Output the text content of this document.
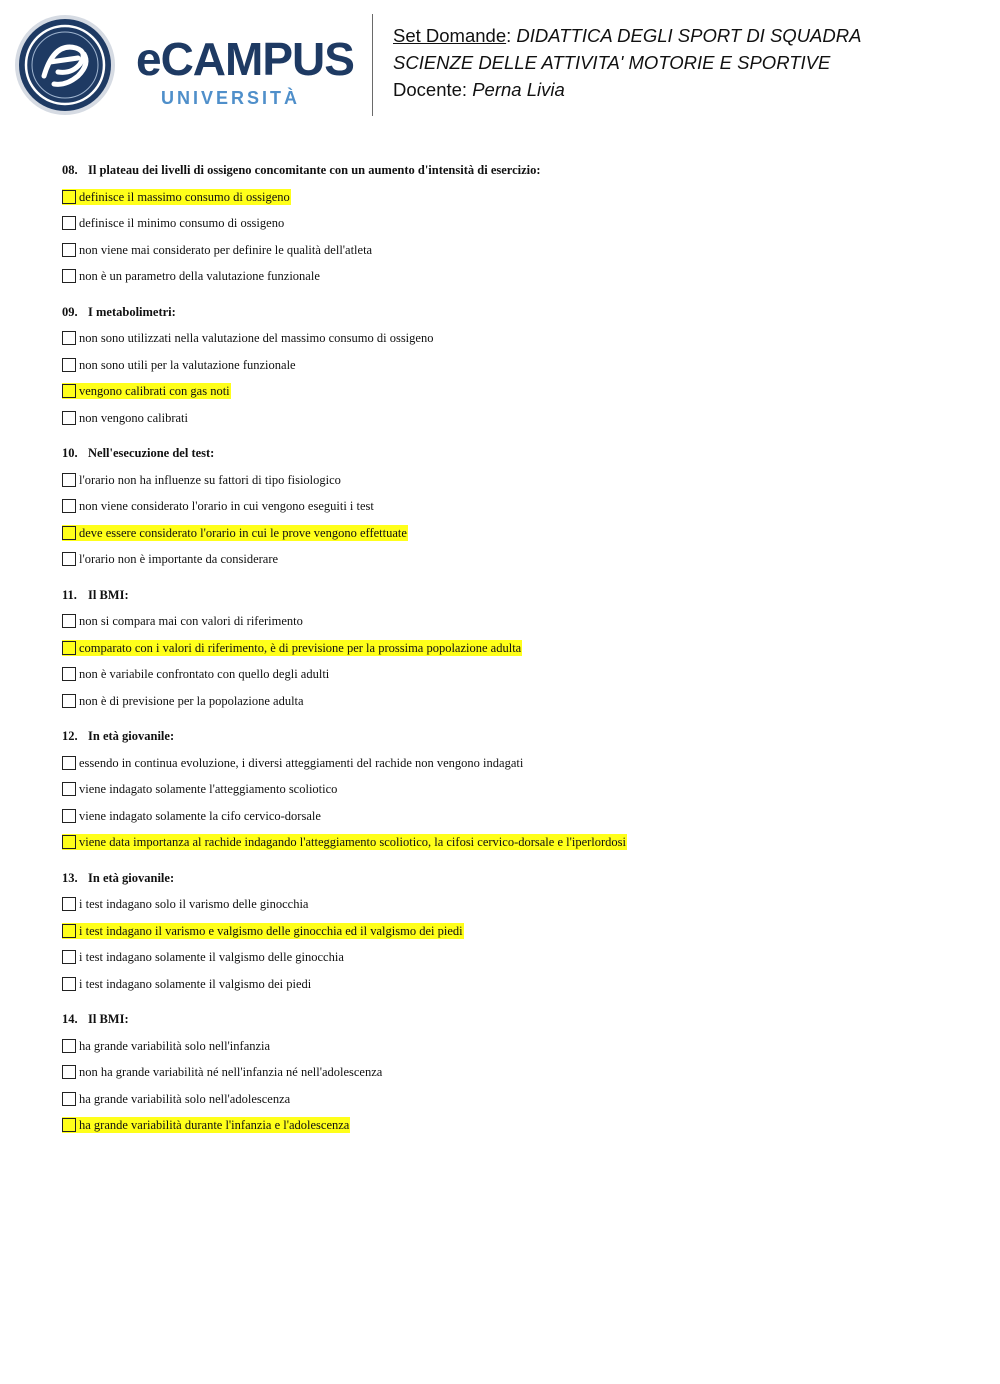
eCAMPUS
UNIVERSITÀ
Set Domande: DIDATTICA DEGLI SPORT DI SQUADRA
SCIENZE DELLE ATTIVITA' MOTORIE E SPORTIVE
Docente: Perna Livia
08. Il plateau dei livelli di ossigeno concomitante con un aumento d'intensità di esercizio:
definisce il massimo consumo di ossigeno
definisce il minimo consumo di ossigeno
non viene mai considerato per definire le qualità dell'atleta
non è un parametro della valutazione funzionale
09. I metabolimetri:
non sono utilizzati nella valutazione del massimo consumo di ossigeno
non sono utili per la valutazione funzionale
vengono calibrati con gas noti
non vengono calibrati
10. Nell'esecuzione del test:
l'orario non ha influenze su fattori di tipo fisiologico
non viene considerato l'orario in cui vengono eseguiti i test
deve essere considerato l'orario in cui le prove vengono effettuate
l'orario non è importante da considerare
11. Il BMI:
non si compara mai con valori di riferimento
comparato con i valori di riferimento, è di previsione per la prossima popolazione adulta
non è variabile confrontato con quello degli adulti
non è di previsione per la popolazione adulta
12. In età giovanile:
essendo in continua evoluzione, i diversi atteggiamenti del rachide non vengono indagati
viene indagato solamente l'atteggiamento scoliotico
viene indagato solamente la cifo cervico-dorsale
viene data importanza al rachide indagando l'atteggiamento scoliotico, la cifosi cervico-dorsale e l'iperlordosi
13. In età giovanile:
i test indagano solo il varismo delle ginocchia
i test indagano il varismo e valgismo delle ginocchia ed il valgismo dei piedi
i test indagano solamente il valgismo delle ginocchia
i test indagano solamente il valgismo dei piedi
14. Il BMI:
ha grande variabilità solo nell'infanzia
non ha grande variabilità né nell'infanzia né nell'adolescenza
ha grande variabilità solo nell'adolescenza
ha grande variabilità durante l'infanzia e l'adolescenza
